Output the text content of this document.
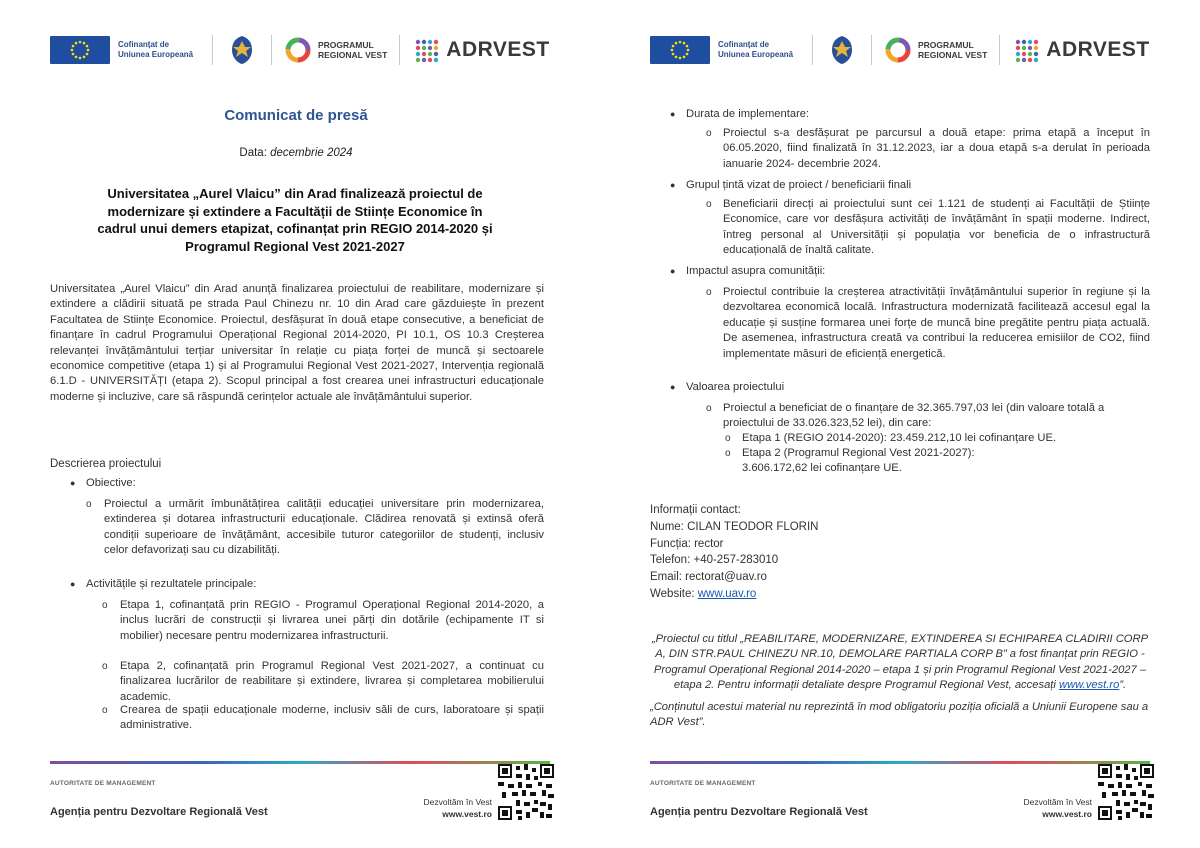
Cofinanțat de
Uniunea Europeană
PROGRAMUL
REGIONAL VEST	ADRVEST
Comunicat de presă
Data: decembrie 2024
Universitatea „Aurel Vlaicu” din Arad finalizează proiectul de
modernizare și extindere a Facultății de Stiințe Economice în
cadrul unui demers etapizat, cofinanțat prin REGIO 2014-2020 și
Programul Regional Vest 2021-2027
Universitatea „Aurel Vlaicu” din Arad anunță finalizarea proiectului de reabilitare, modernizare și extindere a clădirii situată pe strada Paul Chinezu nr. 10 din Arad care găzduiește în prezent Facultatea de Stiințe Economice. Proiectul, desfășurat în două etape consecutive, a beneficiat de finanțare în cadrul Programului Operațional Regional 2014-2020, PI 10.1, OS 10.3 Creșterea relevanței învățământului terțiar universitar în relație cu piața forței de muncă și sectoarele economice competitive (etapa 1) și al Programului Regional Vest 2021-2027, Intervenția regională 6.1.D - UNIVERSITĂȚI (etapa 2). Scopul principal a fost crearea unei infrastructuri educaționale moderne și incluzive, care să răspundă cerințelor actuale ale învățământului superior.
Descrierea proiectului
● Obiective:
o Proiectul a urmărit îmbunătățirea calității educației universitare prin modernizarea, extinderea și dotarea infrastructurii educaționale. Clădirea renovată și extinsă oferă condiții superioare de învățământ, accesibile tuturor categoriilor de studenți, inclusiv celor defavorizați sau cu dizabilități.
● Activitățile și rezultatele principale:
o Etapa 1, cofinanțată prin REGIO - Programul Operațional Regional 2014-2020, a inclus lucrări de construcții și livrarea unei părți din dotările (echipamente IT si mobilier) necesare pentru modernizarea infrastructurii.
o Etapa 2, cofinanțată prin Programul Regional Vest 2021-2027, a continuat cu finalizarea lucrărilor de reabilitare și extindere, livrarea și completarea mobilierului academic.
o Crearea de spații educaționale moderne, inclusiv săli de curs, laboratoare și spații administrative.
AUTORITATE DE MANAGEMENT
Agenția pentru Dezvoltare Regională Vest
Dezvoltăm în Vest
www.vest.ro
Cofinanțat de
Uniunea Europeană
PROGRAMUL
REGIONAL VEST	ADRVEST
● Durata de implementare:
o Proiectul s-a desfășurat pe parcursul a două etape: prima etapă a început în 06.05.2020, fiind finalizată în 31.12.2023, iar a doua etapă s-a derulat în perioada ianuarie 2024- decembrie 2024.
● Grupul țintă vizat de proiect / beneficiarii finali
o Beneficiarii direcți ai proiectului sunt cei 1.121 de studenți ai Facultății de Științe Economice, care vor desfășura activități de învățământ în spații moderne. Indirect, întreg personal al Universității și populația vor beneficia de o infrastructură educațională de înaltă calitate.
● Impactul asupra comunității:
o Proiectul contribuie la creșterea atractivității învățământului superior în regiune și la dezvoltarea economică locală. Infrastructura modernizată facilitează accesul egal la educație și susține formarea unei forțe de muncă bine pregătite pentru piața actuală. De asemenea, infrastructura creată va contribui la reducerea emisiilor de CO2, fiind implementate măsuri de eficiență energetică.
● Valoarea proiectului
o Proiectul a beneficiat de o finanțare de 32.365.797,03 lei (din valoare totală a proiectului de 33.026.323,52 lei), din care:
o Etapa 1 (REGIO 2014-2020): 23.459.212,10 lei cofinanțare UE.
o Etapa 2 (Programul Regional Vest 2021-2027): 3.606.172,62 lei cofinanțare UE.
Informații contact:
Nume: CILAN TEODOR FLORIN
Funcția: rector
Telefon: +40-257-283010
Email: rectorat@uav.ro
Website: www.uav.ro
„Proiectul cu titlul „REABILITARE, MODERNIZARE, EXTINDEREA SI ECHIPAREA CLADIRII CORP A, DIN STR.PAUL CHINEZU NR.10, DEMOLARE PARTIALA CORP B” a fost finanțat prin REGIO - Programul Operațional Regional 2014-2020 – etapa 1 și prin Programul Regional Vest 2021-2027 – etapa 2. Pentru informații detaliate despre Programul Regional Vest, accesați www.vest.ro”.
„Conținutul acestui material nu reprezintă în mod obligatoriu poziția oficială a Uniunii Europene sau a ADR Vest”.
AUTORITATE DE MANAGEMENT
Agenția pentru Dezvoltare Regională Vest
Dezvoltăm în Vest
www.vest.ro
